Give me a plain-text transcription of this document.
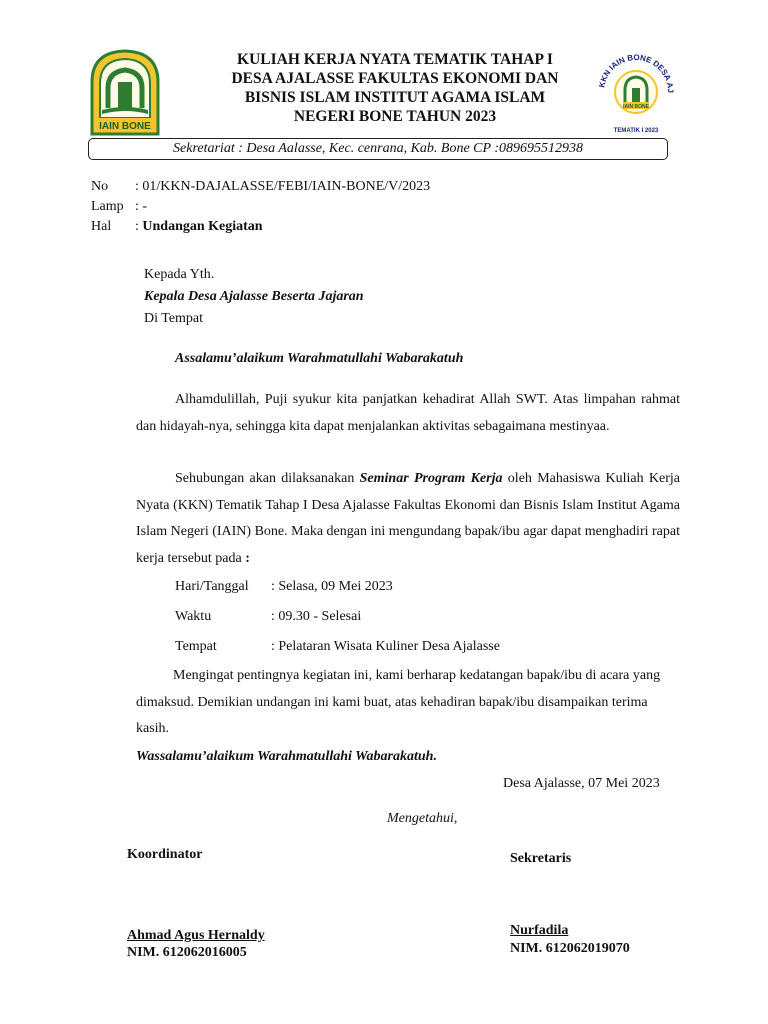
IAIN BONE
KULIAH KERJA NYATA TEMATIK TAHAP I
DESA AJALASSE FAKULTAS EKONOMI DAN
BISNIS ISLAM INSTITUT AGAMA ISLAM
NEGERI BONE TAHUN 2023
KKN IAIN BONE DESA AJ
IAIN BONE
TEMATIK I 2023
Sekretariat : Desa Aalasse, Kec. cenrana, Kab. Bone CP :089695512938
No : 01/KKN-DAJALASSE/FEBI/IAIN-BONE/V/2023
Lamp : -
Hal : Undangan Kegiatan
Kepada Yth.
Kepala Desa Ajalasse Beserta Jajaran
Di Tempat
Assalamu’alaikum Warahmatullahi Wabarakatuh
Alhamdulillah, Puji syukur kita panjatkan kehadirat Allah SWT. Atas limpahan rahmat dan hidayah-nya, sehingga kita dapat menjalankan aktivitas sebagaimana mestinyaa.
Sehubungan akan dilaksanakan Seminar Program Kerja oleh Mahasiswa Kuliah Kerja Nyata (KKN) Tematik Tahap I Desa Ajalasse Fakultas Ekonomi dan Bisnis Islam Institut Agama Islam Negeri (IAIN) Bone. Maka dengan ini mengundang bapak/ibu agar dapat menghadiri rapat kerja tersebut pada :
Hari/Tanggal : Selasa, 09 Mei 2023
Waktu	: 09.30 - Selesai
Tempat	: Pelataran Wisata Kuliner Desa Ajalasse
Mengingat pentingnya kegiatan ini, kami berharap kedatangan bapak/ibu di acara yang dimaksud. Demikian undangan ini kami buat, atas kehadiran bapak/ibu disampaikan terima kasih.
Wassalamu’alaikum Warahmatullahi Wabarakatuh.
Desa Ajalasse, 07 Mei 2023
Mengetahui,
Koordinator
Ahmad Agus Hernaldy
NIM. 612062016005
Sekretaris
Nurfadila
NIM. 612062019070
